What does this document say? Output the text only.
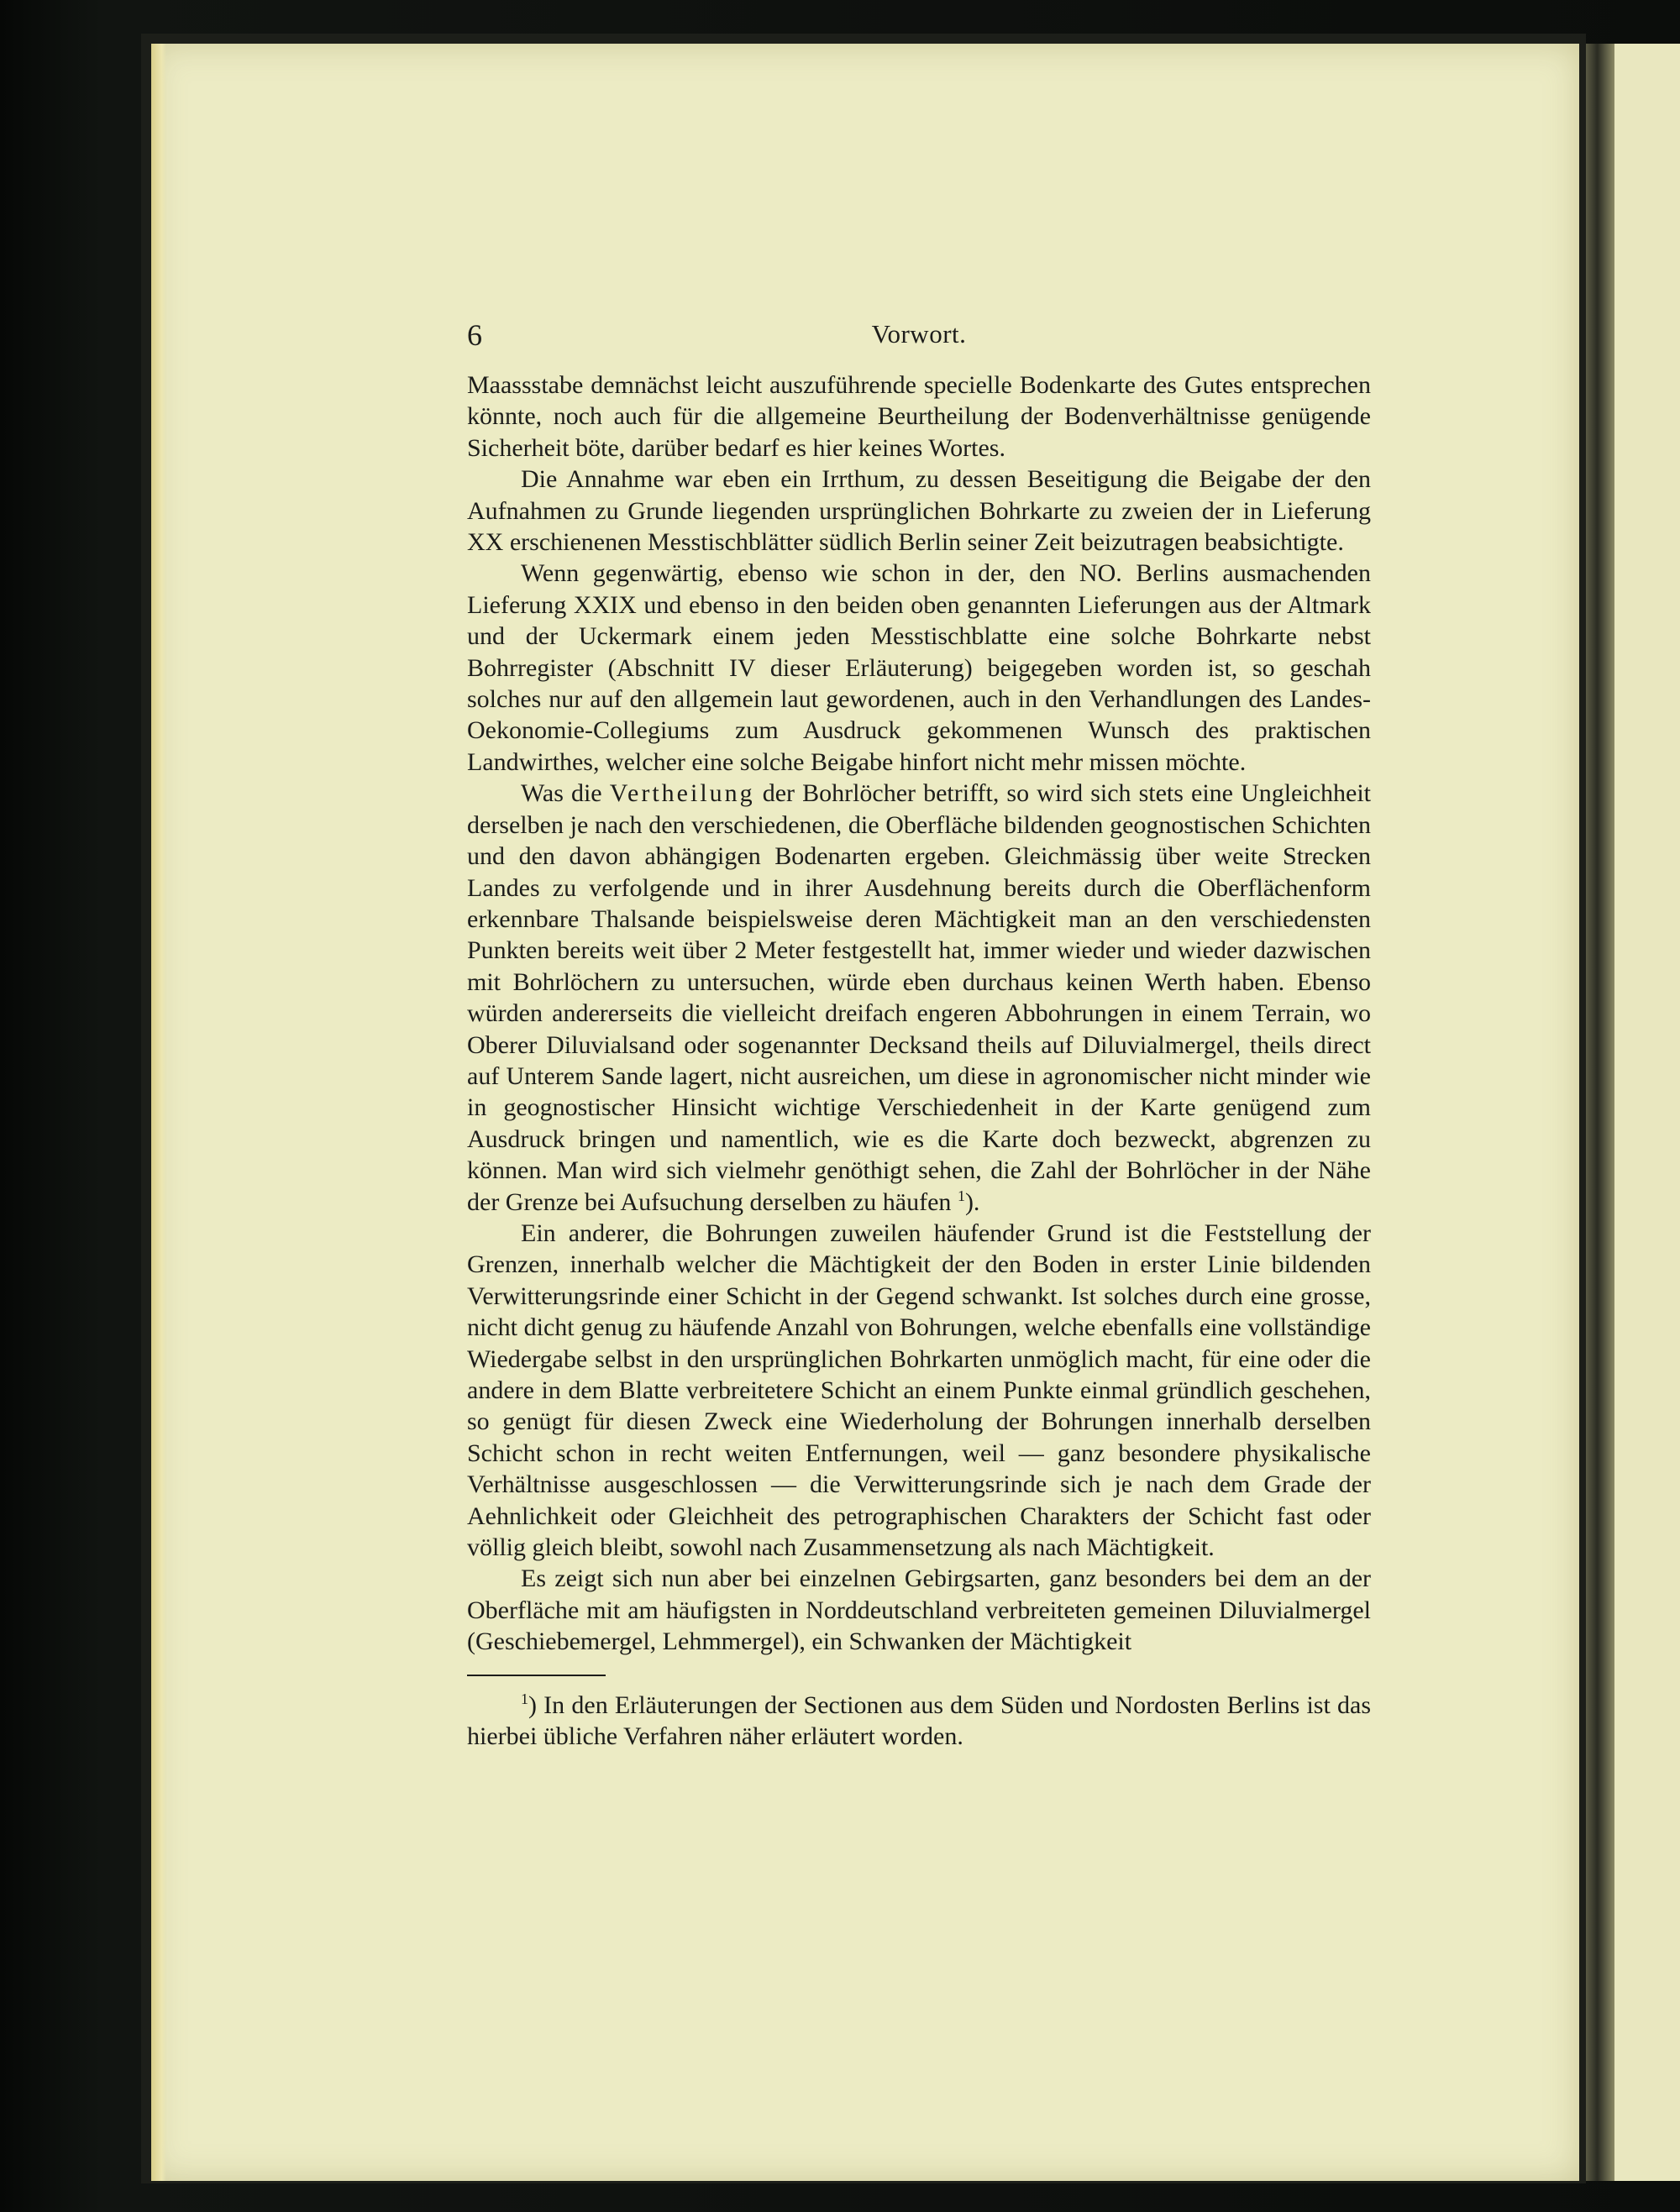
6	Vorwort.

Maassstabe demnächst leicht auszuführende specielle Bodenkarte des Gutes entsprechen könnte, noch auch für die allgemeine Beurtheilung der Bodenverhältnisse genügende Sicherheit böte, darüber bedarf es hier keines Wortes.

Die Annahme war eben ein Irrthum, zu dessen Beseitigung die Beigabe der den Aufnahmen zu Grunde liegenden ursprünglichen Bohrkarte zu zweien der in Lieferung XX erschienenen Messtischblätter südlich Berlin seiner Zeit beizutragen beabsichtigte.

Wenn gegenwärtig, ebenso wie schon in der, den NO. Berlins ausmachenden Lieferung XXIX und ebenso in den beiden oben genannten Lieferungen aus der Altmark und der Uckermark einem jeden Messtischblatte eine solche Bohrkarte nebst Bohrregister (Abschnitt IV dieser Erläuterung) beigegeben worden ist, so geschah solches nur auf den allgemein laut gewordenen, auch in den Verhandlungen des Landes-Oekonomie-Collegiums zum Ausdruck gekommenen Wunsch des praktischen Landwirthes, welcher eine solche Beigabe hinfort nicht mehr missen möchte.

Was die Vertheilung der Bohrlöcher betrifft, so wird sich stets eine Ungleichheit derselben je nach den verschiedenen, die Oberfläche bildenden geognostischen Schichten und den davon abhängigen Bodenarten ergeben. Gleichmässig über weite Strecken Landes zu verfolgende und in ihrer Ausdehnung bereits durch die Oberflächenform erkennbare Thalsande beispielsweise deren Mächtigkeit man an den verschiedensten Punkten bereits weit über 2 Meter festgestellt hat, immer wieder und wieder dazwischen mit Bohrlöchern zu untersuchen, würde eben durchaus keinen Werth haben. Ebenso würden andererseits die vielleicht dreifach engeren Abbohrungen in einem Terrain, wo Oberer Diluvialsand oder sogenannter Decksand theils auf Diluvialmergel, theils direct auf Unterem Sande lagert, nicht ausreichen, um diese in agronomischer nicht minder wie in geognostischer Hinsicht wichtige Verschiedenheit in der Karte genügend zum Ausdruck bringen und namentlich, wie es die Karte doch bezweckt, abgrenzen zu können. Man wird sich vielmehr genöthigt sehen, die Zahl der Bohrlöcher in der Nähe der Grenze bei Aufsuchung derselben zu häufen $^1$).

Ein anderer, die Bohrungen zuweilen häufender Grund ist die Feststellung der Grenzen, innerhalb welcher die Mächtigkeit der den Boden in erster Linie bildenden Verwitterungsrinde einer Schicht in der Gegend schwankt. Ist solches durch eine grosse, nicht dicht genug zu häufende Anzahl von Bohrungen, welche ebenfalls eine vollständige Wiedergabe selbst in den ursprünglichen Bohrkarten unmöglich macht, für eine oder die andere in dem Blatte verbreitetere Schicht an einem Punkte einmal gründlich geschehen, so genügt für diesen Zweck eine Wiederholung der Bohrungen innerhalb derselben Schicht schon in recht weiten Entfernungen, weil — ganz besondere physikalische Verhältnisse ausgeschlossen — die Verwitterungsrinde sich je nach dem Grade der Aehnlichkeit oder Gleichheit des petrographischen Charakters der Schicht fast oder völlig gleich bleibt, sowohl nach Zusammensetzung als nach Mächtigkeit.

Es zeigt sich nun aber bei einzelnen Gebirgsarten, ganz besonders bei dem an der Oberfläche mit am häufigsten in Norddeutschland verbreiteten gemeinen Diluvialmergel (Geschiebemergel, Lehmmergel), ein Schwanken der Mächtigkeit

$^1$) In den Erläuterungen der Sectionen aus dem Süden und Nordosten Berlins ist das hierbei übliche Verfahren näher erläutert worden.
